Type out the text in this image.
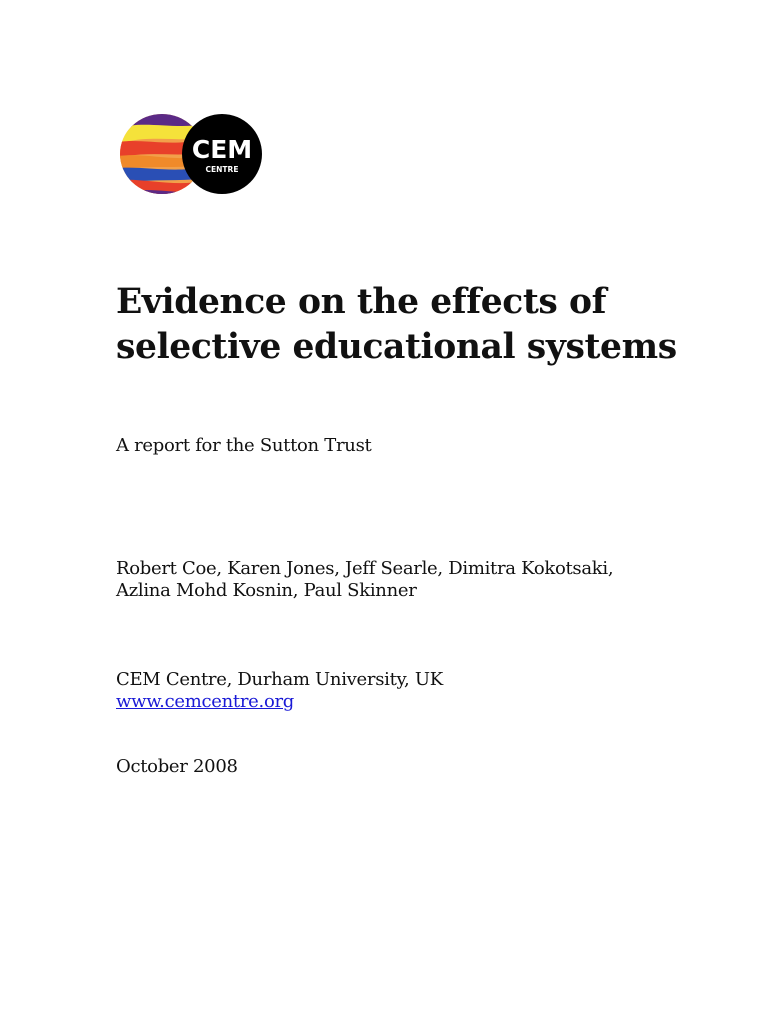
CEM
CENTRE
Evidence on the effects of
selective educational systems

A report for the Sutton Trust

Robert Coe, Karen Jones, Jeff Searle, Dimitra Kokotsaki,
Azlina Mohd Kosnin, Paul Skinner

CEM Centre, Durham University, UK
www.cemcentre.org

October 2008
